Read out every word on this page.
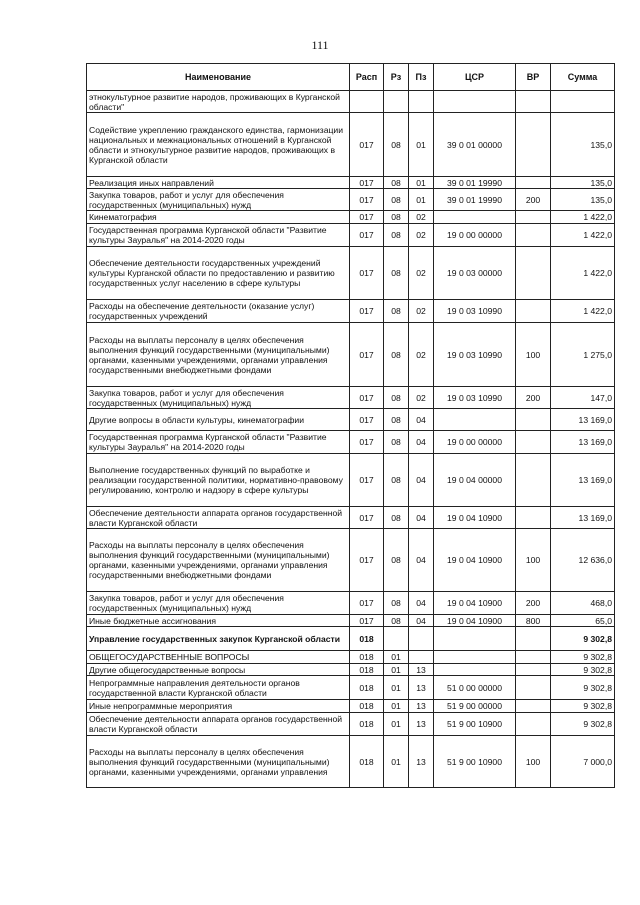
111
Наименование	Расп	Рз	Пз	ЦСР	ВР	Сумма
этнокультурное развитие народов, проживающих в Курганской области"						
Содействие укреплению гражданского единства, гармонизации национальных и межнациональных отношений в Курганской области и этнокультурное развитие народов, проживающих в Курганской области	017	08	01	39 0 01 00000		135,0
Реализация иных направлений	017	08	01	39 0 01 19990		135,0
Закупка товаров, работ и услуг для обеспечения государственных (муниципальных) нужд	017	08	01	39 0 01 19990	200	135,0
Кинематография	017	08	02			1 422,0
Государственная программа Курганской области "Развитие культуры Зауралья" на 2014-2020 годы	017	08	02	19 0 00 00000		1 422,0
Обеспечение деятельности государственных учреждений культуры Курганской области по предоставлению и развитию государственных услуг населению в сфере культуры	017	08	02	19 0 03 00000		1 422,0
Расходы на обеспечение деятельности (оказание услуг) государственных учреждений	017	08	02	19 0 03 10990		1 422,0
Расходы на выплаты персоналу в целях обеспечения выполнения функций государственными (муниципальными) органами, казенными учреждениями, органами управления государственными внебюджетными фондами	017	08	02	19 0 03 10990	100	1 275,0
Закупка товаров, работ и услуг для обеспечения государственных (муниципальных) нужд	017	08	02	19 0 03 10990	200	147,0
Другие вопросы в области культуры, кинематографии	017	08	04			13 169,0
Государственная программа Курганской области "Развитие культуры Зауралья" на 2014-2020 годы	017	08	04	19 0 00 00000		13 169,0
Выполнение государственных функций по выработке и реализации государственной политики, нормативно-правовому регулированию, контролю и надзору в сфере культуры	017	08	04	19 0 04 00000		13 169,0
Обеспечение деятельности аппарата органов государственной власти Курганской области	017	08	04	19 0 04 10900		13 169,0
Расходы на выплаты персоналу в целях обеспечения выполнения функций государственными (муниципальными) органами, казенными учреждениями, органами управления государственными внебюджетными фондами	017	08	04	19 0 04 10900	100	12 636,0
Закупка товаров, работ и услуг для обеспечения государственных (муниципальных) нужд	017	08	04	19 0 04 10900	200	468,0
Иные бюджетные ассигнования	017	08	04	19 0 04 10900	800	65,0
Управление государственных закупок Курганской области	018					9 302,8
ОБЩЕГОСУДАРСТВЕННЫЕ ВОПРОСЫ	018	01				9 302,8
Другие общегосударственные вопросы	018	01	13			9 302,8
Непрограммные направления деятельности органов государственной власти Курганской области	018	01	13	51 0 00 00000		9 302,8
Иные непрограммные мероприятия	018	01	13	51 9 00 00000		9 302,8
Обеспечение деятельности аппарата органов государственной власти Курганской области	018	01	13	51 9 00 10900		9 302,8
Расходы на выплаты персоналу в целях обеспечения выполнения функций государственными (муниципальными) органами, казенными учреждениями, органами управления	018	01	13	51 9 00 10900	100	7 000,0
